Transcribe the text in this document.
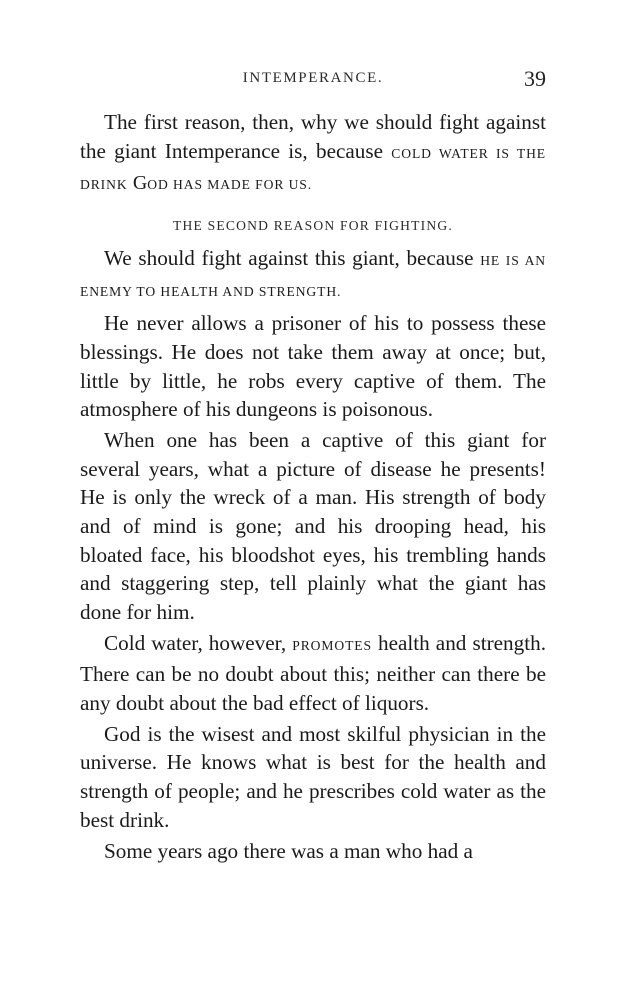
INTEMPERANCE.	39

The first reason, then, why we should fight against the giant Intemperance is, because COLD WATER IS THE DRINK GOD HAS MADE FOR US.

THE SECOND REASON FOR FIGHTING.

We should fight against this giant, because HE IS AN ENEMY TO HEALTH AND STRENGTH.

He never allows a prisoner of his to possess these blessings. He does not take them away at once; but, little by little, he robs every captive of them. The atmosphere of his dungeons is poisonous.

When one has been a captive of this giant for several years, what a picture of disease he presents! He is only the wreck of a man. His strength of body and of mind is gone; and his drooping head, his bloated face, his bloodshot eyes, his trembling hands and staggering step, tell plainly what the giant has done for him.

Cold water, however, PROMOTES health and strength. There can be no doubt about this; neither can there be any doubt about the bad effect of liquors.

God is the wisest and most skilful physician in the universe. He knows what is best for the health and strength of people; and he prescribes cold water as the best drink.

Some years ago there was a man who had a
